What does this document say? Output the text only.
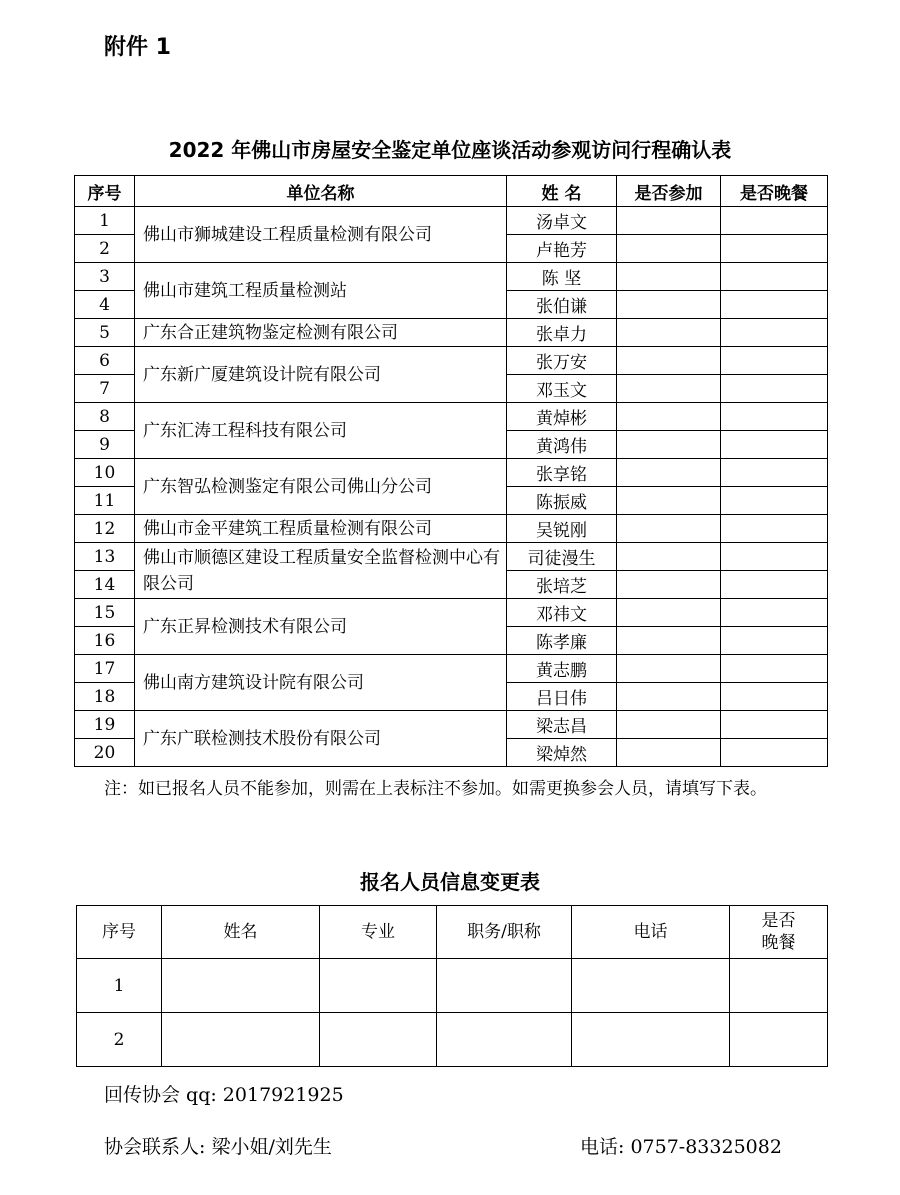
附件 1
2022 年佛山市房屋安全鉴定单位座谈活动参观访问行程确认表
序号	单位名称	姓 名	是否参加	是否晚餐
1	佛山市狮城建设工程质量检测有限公司	汤卓文		
2		卢艳芳		
3	佛山市建筑工程质量检测站	陈 坚		
4		张伯谦		
5	广东合正建筑物鉴定检测有限公司	张卓力		
6	广东新广厦建筑设计院有限公司	张万安		
7		邓玉文		
8	广东汇涛工程科技有限公司	黄焯彬		
9		黄鸿伟		
10	广东智弘检测鉴定有限公司佛山分公司	张享铭		
11		陈振威		
12	佛山市金平建筑工程质量检测有限公司	吴锐刚		
13	佛山市顺德区建设工程质量安全监督检测中心有限公司	司徒漫生		
14		张培芝		
15	广东正昇检测技术有限公司	邓祎文		
16		陈孝廉		
17	佛山南方建筑设计院有限公司	黄志鹏		
18		吕日伟		
19	广东广联检测技术股份有限公司	梁志昌		
20		梁焯然		
注：如已报名人员不能参加，则需在上表标注不参加。如需更换参会人员，请填写下表。
报名人员信息变更表
序号	姓名	专业	职务/职称	电话	是否
晚餐

1					
2					
回传协会 qq: 2017921925
协会联系人: 梁小姐/刘先生	电话: 0757-83325082
